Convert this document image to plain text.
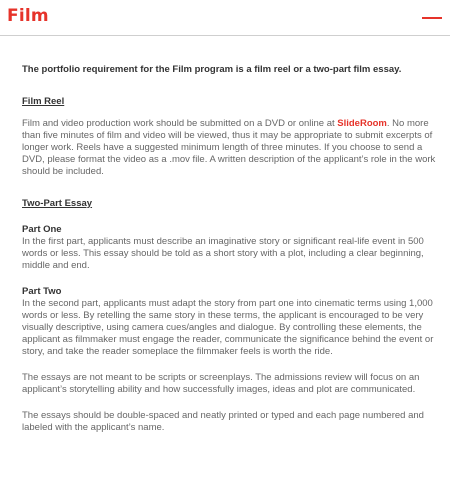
Film

The portfolio requirement for the Film program is a film reel or a two-part film essay.

Film Reel

Film and video production work should be submitted on a DVD or online at SlideRoom. No more than five minutes of film and video will be viewed, thus it may be appropriate to submit excerpts of longer work. Reels have a suggested minimum length of three minutes. If you choose to send a DVD, please format the video as a .mov file. A written description of the applicant’s role in the work should be included.

Two-Part Essay

Part One

In the first part, applicants must describe an imaginative story or significant real-life event in 500 words or less. This essay should be told as a short story with a plot, including a clear beginning, middle and end.

Part Two

In the second part, applicants must adapt the story from part one into cinematic terms using 1,000 words or less. By retelling the same story in these terms, the applicant is encouraged to be very visually descriptive, using camera cues/angles and dialogue. By controlling these elements, the applicant as filmmaker must engage the reader, communicate the significance behind the event or story, and take the reader someplace the filmmaker feels is worth the ride.

The essays are not meant to be scripts or screenplays. The admissions review will focus on an applicant’s storytelling ability and how successfully images, ideas and plot are communicated.

The essays should be double-spaced and neatly printed or typed and each page numbered and labeled with the applicant’s name.
